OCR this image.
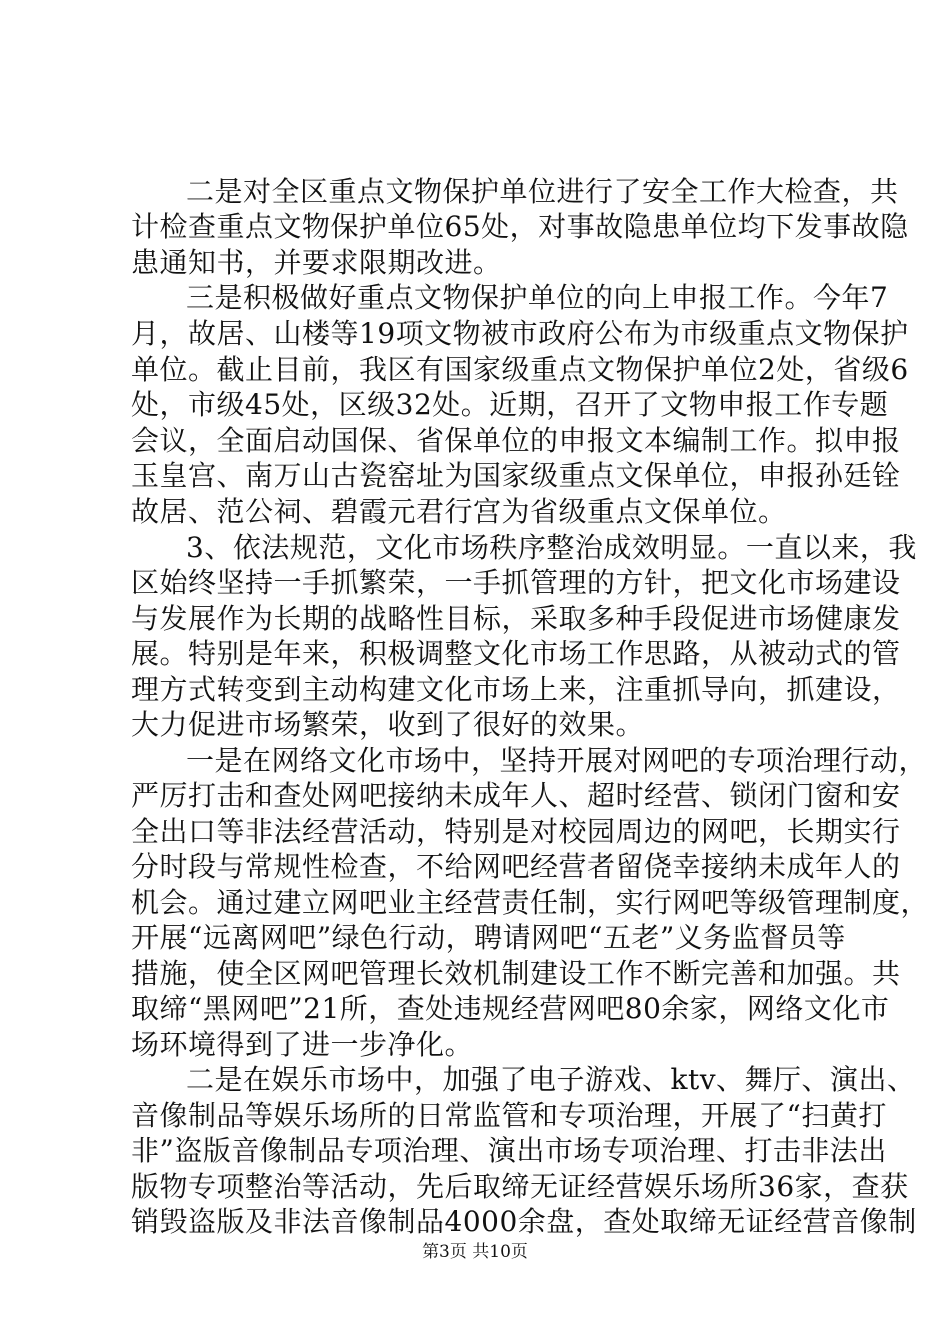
二是对全区重点文物保护单位进行了安全工作大检查，共
计检查重点文物保护单位65处，对事故隐患单位均下发事故隐
患通知书，并要求限期改进。
三是积极做好重点文物保护单位的向上申报工作。今年7
月，故居、山楼等19项文物被市政府公布为市级重点文物保护
单位。截止目前，我区有国家级重点文物保护单位2处，省级6
处，市级45处，区级32处。近期，召开了文物申报工作专题
会议，全面启动国保、省保单位的申报文本编制工作。拟申报
玉皇宫、南万山古瓷窑址为国家级重点文保单位，申报孙廷铨
故居、范公祠、碧霞元君行宫为省级重点文保单位。
3、依法规范，文化市场秩序整治成效明显。一直以来，我
区始终坚持一手抓繁荣，一手抓管理的方针，把文化市场建设
与发展作为长期的战略性目标，采取多种手段促进市场健康发
展。特别是年来，积极调整文化市场工作思路，从被动式的管
理方式转变到主动构建文化市场上来，注重抓导向，抓建设，
大力促进市场繁荣，收到了很好的效果。
一是在网络文化市场中，坚持开展对网吧的专项治理行动，
严厉打击和查处网吧接纳未成年人、超时经营、锁闭门窗和安
全出口等非法经营活动，特别是对校园周边的网吧，长期实行
分时段与常规性检查，不给网吧经营者留侥幸接纳未成年人的
机会。通过建立网吧业主经营责任制，实行网吧等级管理制度，
开展“远离网吧”绿色行动，聘请网吧“五老”义务监督员等
措施，使全区网吧管理长效机制建设工作不断完善和加强。共
取缔“黑网吧”21所，查处违规经营网吧80余家，网络文化市
场环境得到了进一步净化。
二是在娱乐市场中，加强了电子游戏、ktv、舞厅、演出、
音像制品等娱乐场所的日常监管和专项治理，开展了“扫黄打
非”盗版音像制品专项治理、演出市场专项治理、打击非法出
版物专项整治等活动，先后取缔无证经营娱乐场所36家，查获
销毁盗版及非法音像制品4000余盘，查处取缔无证经营音像制
第3页 共10页
